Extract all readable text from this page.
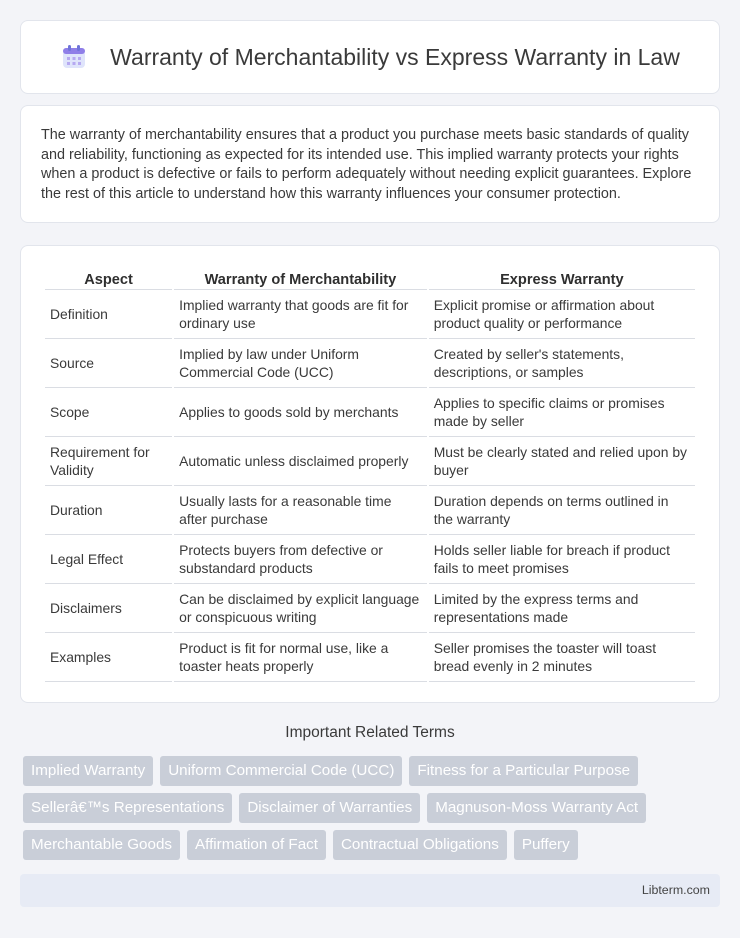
Warranty of Merchantability vs Express Warranty in Law

The warranty of merchantability ensures that a product you purchase meets basic standards of quality and reliability, functioning as expected for its intended use. This implied warranty protects your rights when a product is defective or fails to perform adequately without needing explicit guarantees. Explore the rest of this article to understand how this warranty influences your consumer protection.

Aspect	Warranty of Merchantability	Express Warranty
Definition	Implied warranty that goods are fit for ordinary use	Explicit promise or affirmation about product quality or performance
Source	Implied by law under Uniform Commercial Code (UCC)	Created by seller's statements, descriptions, or samples
Scope	Applies to goods sold by merchants	Applies to specific claims or promises made by seller
Requirement for Validity	Automatic unless disclaimed properly	Must be clearly stated and relied upon by buyer
Duration	Usually lasts for a reasonable time after purchase	Duration depends on terms outlined in the warranty
Legal Effect	Protects buyers from defective or substandard products	Holds seller liable for breach if product fails to meet promises
Disclaimers	Can be disclaimed by explicit language or conspicuous writing	Limited by the express terms and representations made
Examples	Product is fit for normal use, like a toaster heats properly	Seller promises the toaster will toast bread evenly in 2 minutes
Important Related Terms
Implied Warranty	Uniform Commercial Code (UCC)	Fitness for a Particular Purpose
Sellerâ€™s Representations	Disclaimer of Warranties	Magnuson-Moss Warranty Act
Merchantable Goods	Affirmation of Fact	Contractual Obligations	Puffery
Libterm.com
